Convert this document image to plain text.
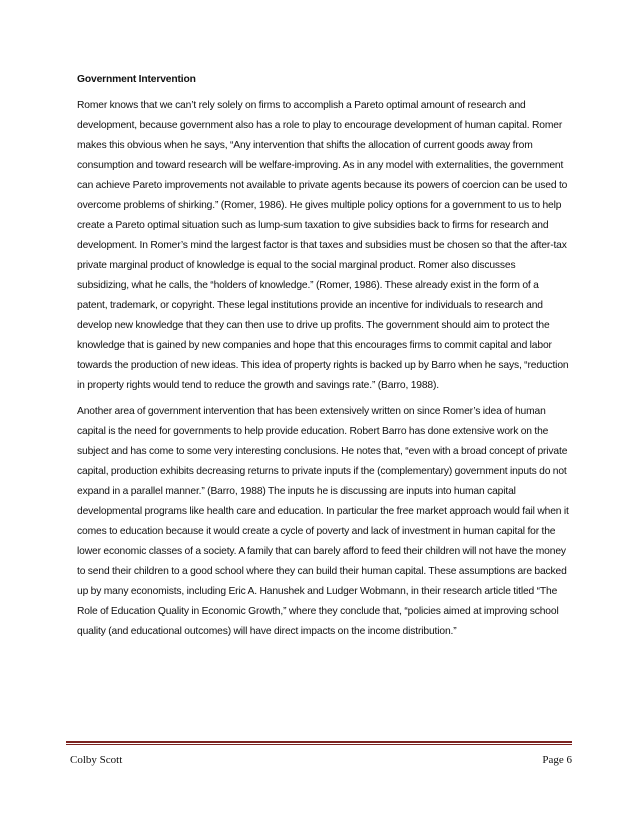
Government Intervention

Romer knows that we can’t rely solely on firms to accomplish a Pareto optimal amount of research and development, because government also has a role to play to encourage development of human capital. Romer makes this obvious when he says, “Any intervention that shifts the allocation of current goods away from consumption and toward research will be welfare-improving. As in any model with externalities, the government can achieve Pareto improvements not available to private agents because its powers of coercion can be used to overcome problems of shirking.” (Romer, 1986). He gives multiple policy options for a government to us to help create a Pareto optimal situation such as lump-sum taxation to give subsidies back to firms for research and development. In Romer’s mind the largest factor is that taxes and subsidies must be chosen so that the after-tax private marginal product of knowledge is equal to the social marginal product. Romer also discusses subsidizing, what he calls, the “holders of knowledge.” (Romer, 1986). These already exist in the form of a patent, trademark, or copyright. These legal institutions provide an incentive for individuals to research and develop new knowledge that they can then use to drive up profits. The government should aim to protect the knowledge that is gained by new companies and hope that this encourages firms to commit capital and labor towards the production of new ideas. This idea of property rights is backed up by Barro when he says, “reduction in property rights would tend to reduce the growth and savings rate.” (Barro, 1988).

Another area of government intervention that has been extensively written on since Romer’s idea of human capital is the need for governments to help provide education. Robert Barro has done extensive work on the subject and has come to some very interesting conclusions. He notes that, “even with a broad concept of private capital, production exhibits decreasing returns to private inputs if the (complementary) government inputs do not expand in a parallel manner.” (Barro, 1988) The inputs he is discussing are inputs into human capital developmental programs like health care and education. In particular the free market approach would fail when it comes to education because it would create a cycle of poverty and lack of investment in human capital for the lower economic classes of a society. A family that can barely afford to feed their children will not have the money to send their children to a good school where they can build their human capital. These assumptions are backed up by many economists, including Eric A. Hanushek and Ludger Wobmann, in their research article titled “The Role of Education Quality in Economic Growth,” where they conclude that, “policies aimed at improving school quality (and educational outcomes) will have direct impacts on the income distribution.”

Colby Scott	Page 6
